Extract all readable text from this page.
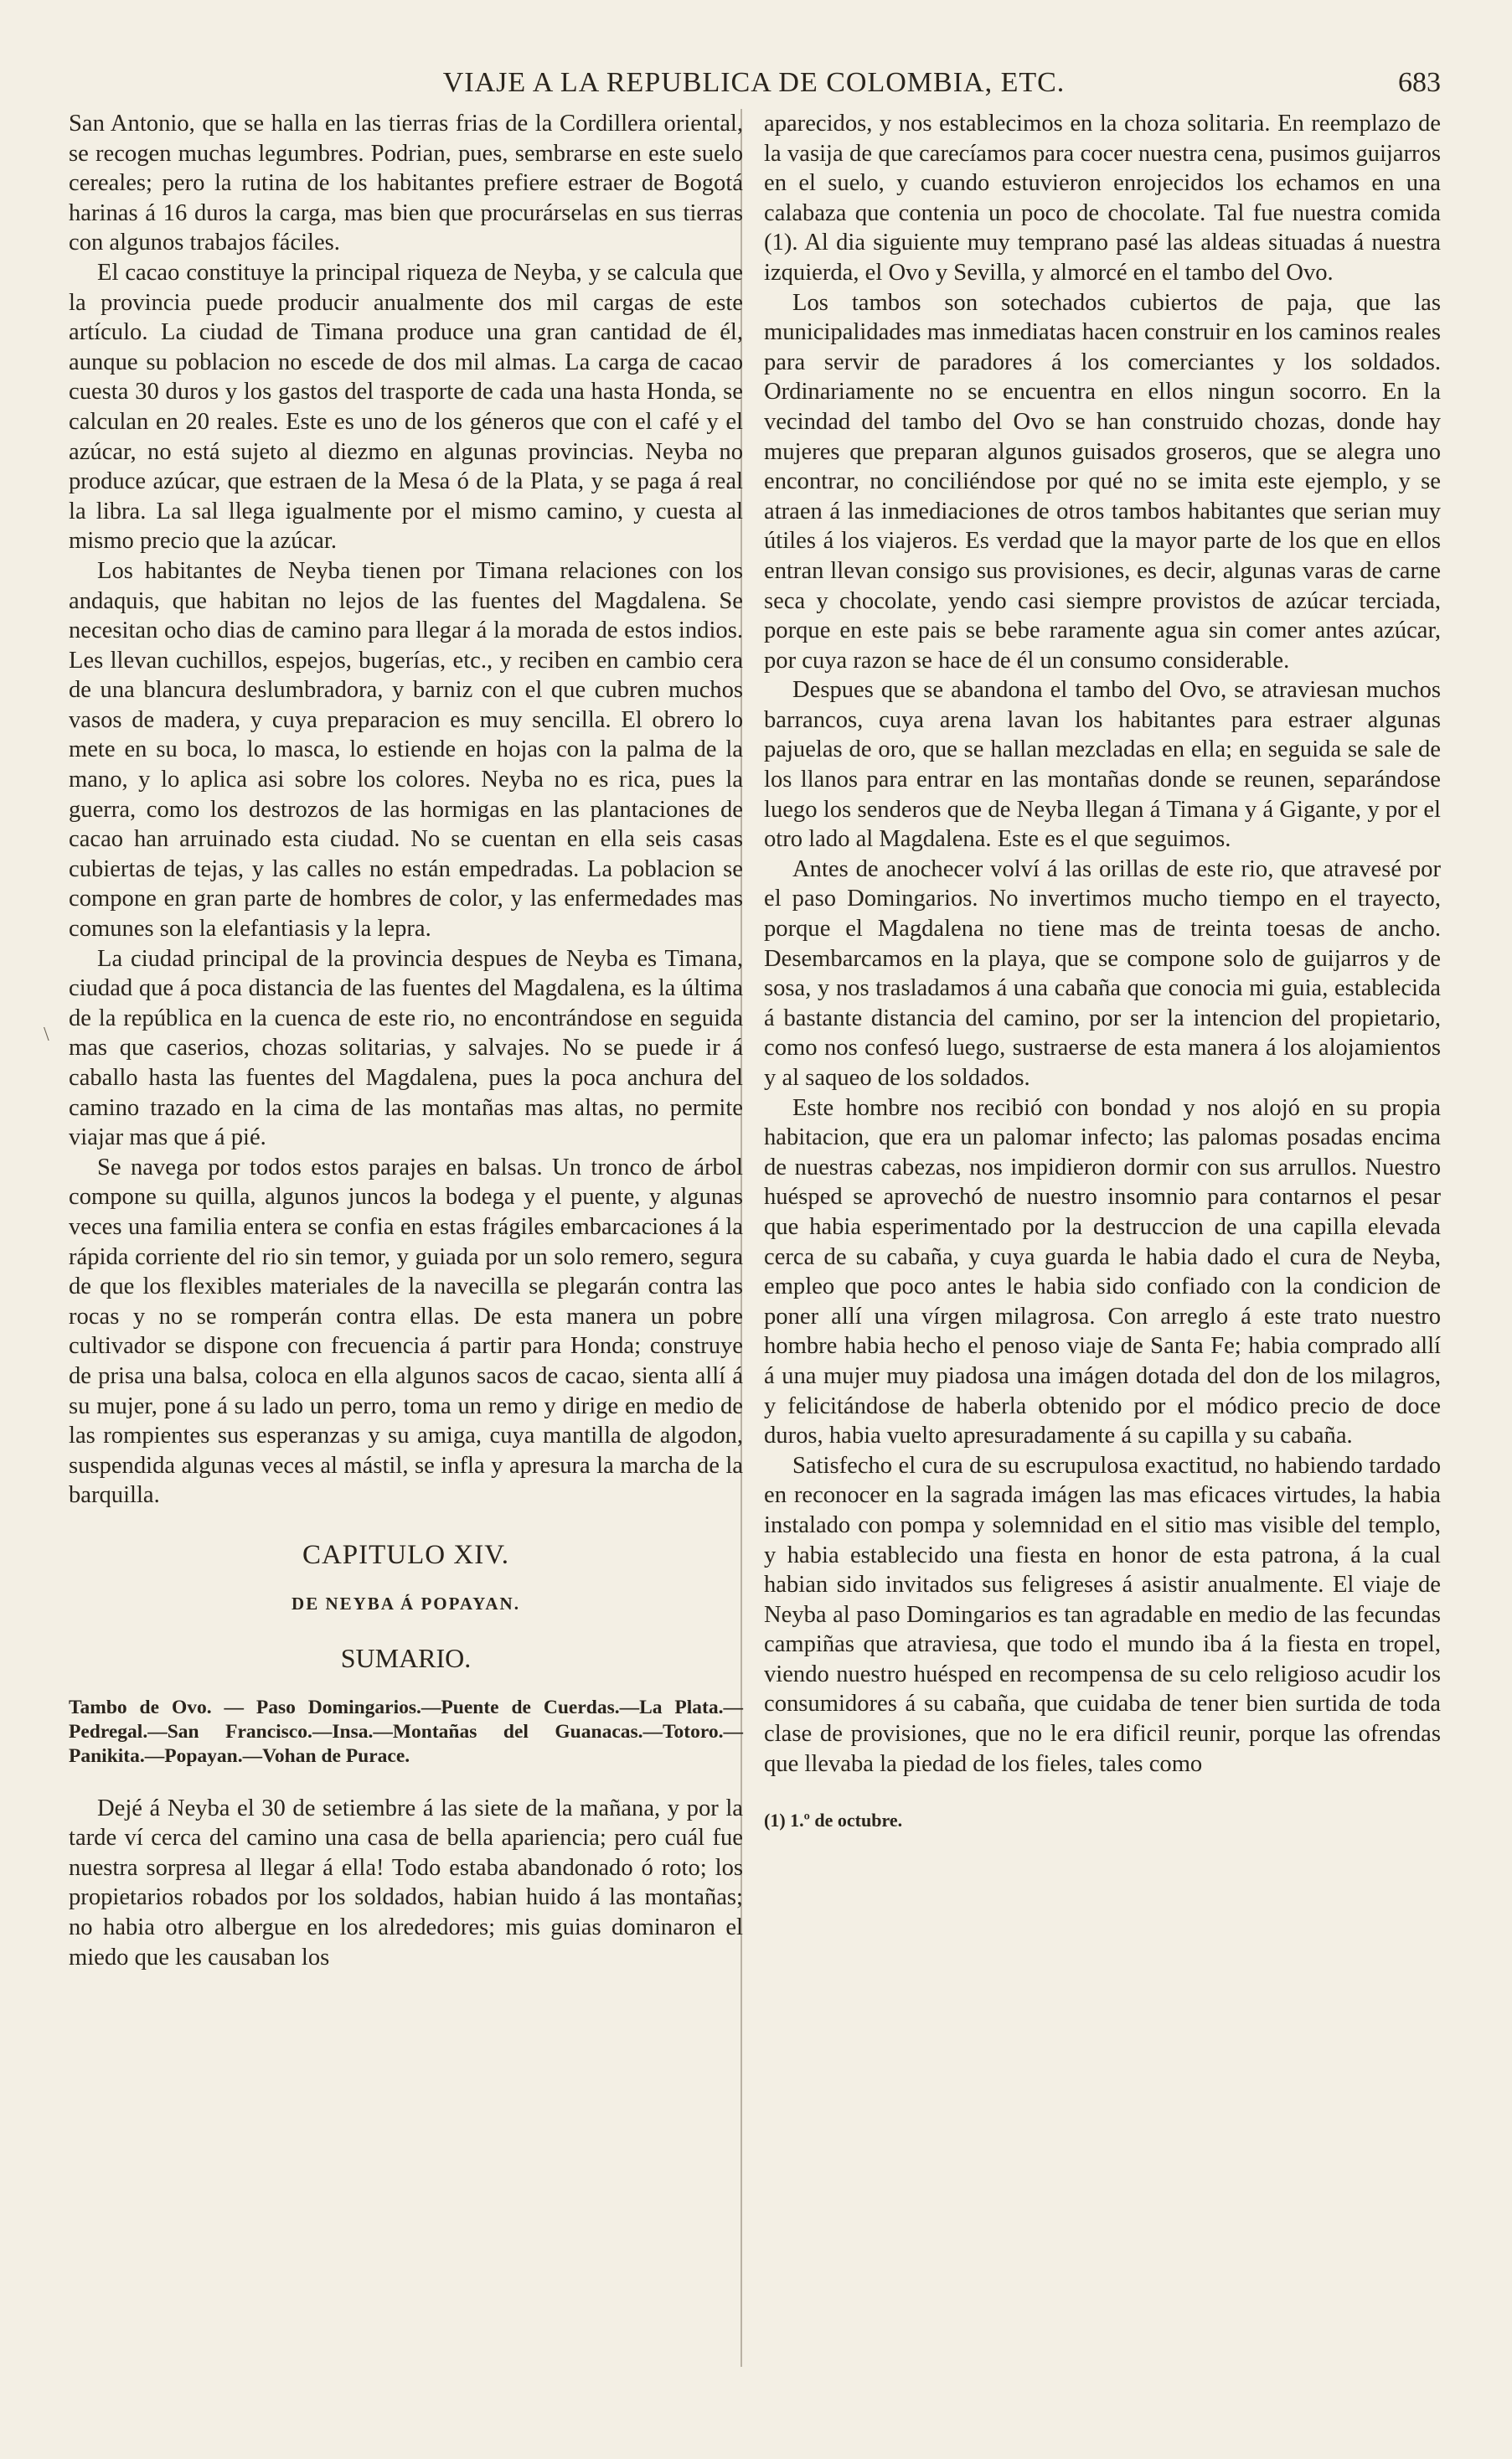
VIAJE A LA REPUBLICA DE COLOMBIA, ETC.	683
\

San Antonio, que se halla en las tierras frias de la Cordillera oriental, se recogen muchas legumbres. Podrian, pues, sembrarse en este suelo cereales; pero la rutina de los habitantes prefiere estraer de Bogotá harinas á 16 duros la carga, mas bien que procurárselas en sus tierras con algunos trabajos fáciles.

El cacao constituye la principal riqueza de Neyba, y se calcula que la provincia puede producir anualmente dos mil cargas de este artículo. La ciudad de Timana produce una gran cantidad de él, aunque su poblacion no escede de dos mil almas. La carga de cacao cuesta 30 duros y los gastos del trasporte de cada una hasta Honda, se calculan en 20 reales. Este es uno de los géneros que con el café y el azúcar, no está sujeto al diezmo en algunas provincias. Neyba no produce azúcar, que estraen de la Mesa ó de la Plata, y se paga á real la libra. La sal llega igualmente por el mismo camino, y cuesta al mismo precio que la azúcar.

Los habitantes de Neyba tienen por Timana relaciones con los andaquis, que habitan no lejos de las fuentes del Magdalena. Se necesitan ocho dias de camino para llegar á la morada de estos indios. Les llevan cuchillos, espejos, bugerías, etc., y reciben en cambio cera de una blancura deslumbradora, y barniz con el que cubren muchos vasos de madera, y cuya preparacion es muy sencilla. El obrero lo mete en su boca, lo masca, lo estiende en hojas con la palma de la mano, y lo aplica asi sobre los colores. Neyba no es rica, pues la guerra, como los destrozos de las hormigas en las plantaciones de cacao han arruinado esta ciudad. No se cuentan en ella seis casas cubiertas de tejas, y las calles no están empedradas. La poblacion se compone en gran parte de hombres de color, y las enfermedades mas comunes son la elefantiasis y la lepra.

La ciudad principal de la provincia despues de Neyba es Timana, ciudad que á poca distancia de las fuentes del Magdalena, es la última de la república en la cuenca de este rio, no encontrándose en seguida mas que caserios, chozas solitarias, y salvajes. No se puede ir á caballo hasta las fuentes del Magdalena, pues la poca anchura del camino trazado en la cima de las montañas mas altas, no permite viajar mas que á pié.

Se navega por todos estos parajes en balsas. Un tronco de árbol compone su quilla, algunos juncos la bodega y el puente, y algunas veces una familia entera se confia en estas frágiles embarcaciones á la rápida corriente del rio sin temor, y guiada por un solo remero, segura de que los flexibles materiales de la navecilla se plegarán contra las rocas y no se romperán contra ellas. De esta manera un pobre cultivador se dispone con frecuencia á partir para Honda; construye de prisa una balsa, coloca en ella algunos sacos de cacao, sienta allí á su mujer, pone á su lado un perro, toma un remo y dirige en medio de las rompientes sus esperanzas y su amiga, cuya mantilla de algodon, suspendida algunas veces al mástil, se infla y apresura la marcha de la barquilla.

CAPITULO XIV.
DE NEYBA Á POPAYAN.
SUMARIO.
Tambo de Ovo. — Paso Domingarios.—Puente de Cuerdas.—La Plata.—Pedregal.—San Francisco.—Insa.—Montañas del Guanacas.—Totoro.—Panikita.—Popayan.—Vohan de Purace.

Dejé á Neyba el 30 de setiembre á las siete de la mañana, y por la tarde ví cerca del camino una casa de bella apariencia; pero cuál fue nuestra sorpresa al llegar á ella! Todo estaba abandonado ó roto; los propietarios robados por los soldados, habian huido á las montañas; no habia otro albergue en los alrededores; mis guias dominaron el miedo que les causaban los

aparecidos, y nos establecimos en la choza solitaria. En reemplazo de la vasija de que carecíamos para cocer nuestra cena, pusimos guijarros en el suelo, y cuando estuvieron enrojecidos los echamos en una calabaza que contenia un poco de chocolate. Tal fue nuestra comida (1). Al dia siguiente muy temprano pasé las aldeas situadas á nuestra izquierda, el Ovo y Sevilla, y almorcé en el tambo del Ovo.

Los tambos son sotechados cubiertos de paja, que las municipalidades mas inmediatas hacen construir en los caminos reales para servir de paradores á los comerciantes y los soldados. Ordinariamente no se encuentra en ellos ningun socorro. En la vecindad del tambo del Ovo se han construido chozas, donde hay mujeres que preparan algunos guisados groseros, que se alegra uno encontrar, no conciliéndose por qué no se imita este ejemplo, y se atraen á las inmediaciones de otros tambos habitantes que serian muy útiles á los viajeros. Es verdad que la mayor parte de los que en ellos entran llevan consigo sus provisiones, es decir, algunas varas de carne seca y chocolate, yendo casi siempre provistos de azúcar terciada, porque en este pais se bebe raramente agua sin comer antes azúcar, por cuya razon se hace de él un consumo considerable.

Despues que se abandona el tambo del Ovo, se atraviesan muchos barrancos, cuya arena lavan los habitantes para estraer algunas pajuelas de oro, que se hallan mezcladas en ella; en seguida se sale de los llanos para entrar en las montañas donde se reunen, separándose luego los senderos que de Neyba llegan á Timana y á Gigante, y por el otro lado al Magdalena. Este es el que seguimos.

Antes de anochecer volví á las orillas de este rio, que atravesé por el paso Domingarios. No invertimos mucho tiempo en el trayecto, porque el Magdalena no tiene mas de treinta toesas de ancho. Desembarcamos en la playa, que se compone solo de guijarros y de sosa, y nos trasladamos á una cabaña que conocia mi guia, establecida á bastante distancia del camino, por ser la intencion del propietario, como nos confesó luego, sustraerse de esta manera á los alojamientos y al saqueo de los soldados.

Este hombre nos recibió con bondad y nos alojó en su propia habitacion, que era un palomar infecto; las palomas posadas encima de nuestras cabezas, nos impidieron dormir con sus arrullos. Nuestro huésped se aprovechó de nuestro insomnio para contarnos el pesar que habia esperimentado por la destruccion de una capilla elevada cerca de su cabaña, y cuya guarda le habia dado el cura de Neyba, empleo que poco antes le habia sido confiado con la condicion de poner allí una vírgen milagrosa. Con arreglo á este trato nuestro hombre habia hecho el penoso viaje de Santa Fe; habia comprado allí á una mujer muy piadosa una imágen dotada del don de los milagros, y felicitándose de haberla obtenido por el módico precio de doce duros, habia vuelto apresuradamente á su capilla y su cabaña.

Satisfecho el cura de su escrupulosa exactitud, no habiendo tardado en reconocer en la sagrada imágen las mas eficaces virtudes, la habia instalado con pompa y solemnidad en el sitio mas visible del templo, y habia establecido una fiesta en honor de esta patrona, á la cual habian sido invitados sus feligreses á asistir anualmente. El viaje de Neyba al paso Domingarios es tan agradable en medio de las fecundas campiñas que atraviesa, que todo el mundo iba á la fiesta en tropel, viendo nuestro huésped en recompensa de su celo religioso acudir los consumidores á su cabaña, que cuidaba de tener bien surtida de toda clase de provisiones, que no le era dificil reunir, porque las ofrendas que llevaba la piedad de los fieles, tales como

(1) 1.º de octubre.
